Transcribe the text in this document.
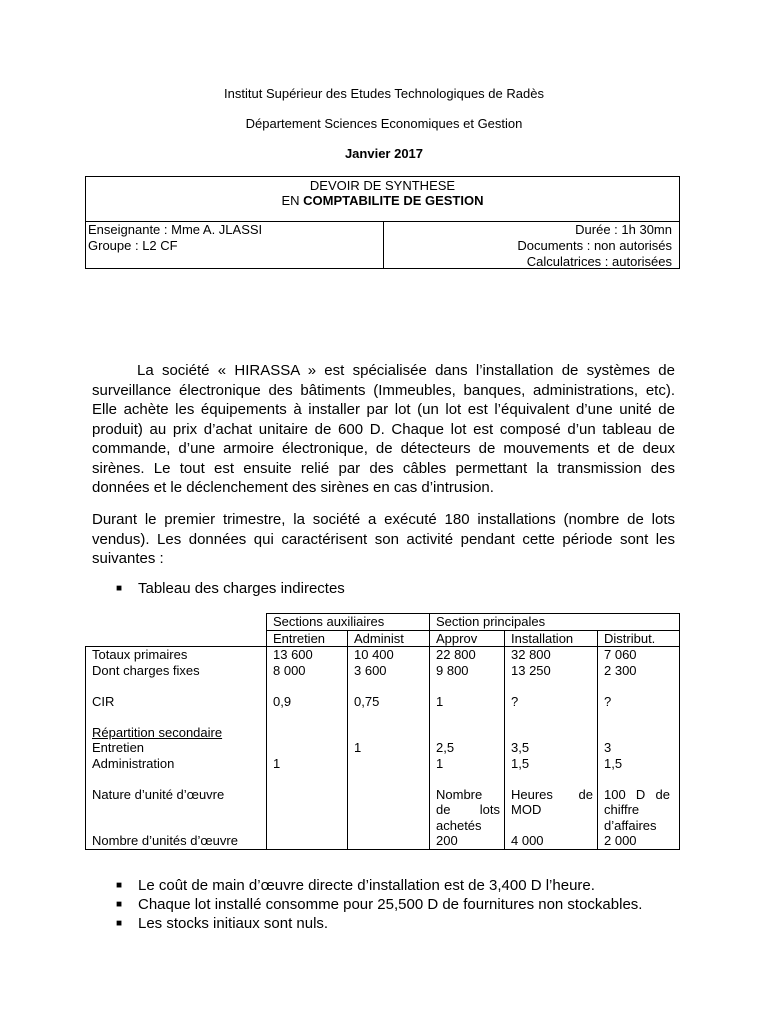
Institut Supérieur des Etudes Technologiques de Radès
Département Sciences Economiques et Gestion
Janvier 2017
DEVOIR DE SYNTHESE
EN COMPTABILITE DE GESTION
Enseignante : Mme A. JLASSI
Groupe : L2 CF
Durée : 1h 30mn
Documents : non autorisés
Calculatrices : autorisées
La société « HIRASSA » est spécialisée dans l’installation de systèmes de surveillance électronique des bâtiments (Immeubles, banques, administrations, etc). Elle achète les équipements à installer par lot (un lot est l’équivalent d’une unité de produit) au prix d’achat unitaire de 600 D. Chaque lot est composé d’un tableau de commande, d’une armoire électronique, de détecteurs de mouvements et de deux sirènes. Le tout est ensuite relié par des câbles permettant la transmission des données et le déclenchement des sirènes en cas d’intrusion.
Durant le premier trimestre, la société a exécuté 180 installations (nombre de lots vendus). Les données qui caractérisent son activité pendant cette période sont les suivantes :
■ Tableau des charges indirectes
	Sections auxiliaires		Section principales		
	Entretien	Administ	Approv	Installation	Distribut.
Totaux primaires	13 600	10 400	22 800	32 800	7 060
Dont charges fixes	8 000	3 600	9 800	13 250	2 300

CIR	0,9	0,75	1	?	?

Répartition secondaire					
Entretien		1	2,5	3,5	3
Administration	1		1	1,5	1,5

Nature d’unité d’œuvre			Nombre de lots achetés	Heures de MOD	100 D de chiffre d’affaires

Nombre d’unités d’œuvre			200	4 000	2 000
■ Le coût de main d’œuvre directe d’installation est de 3,400 D l’heure.
■ Chaque lot installé consomme pour 25,500 D de fournitures non stockables.
■ Les stocks initiaux sont nuls.
